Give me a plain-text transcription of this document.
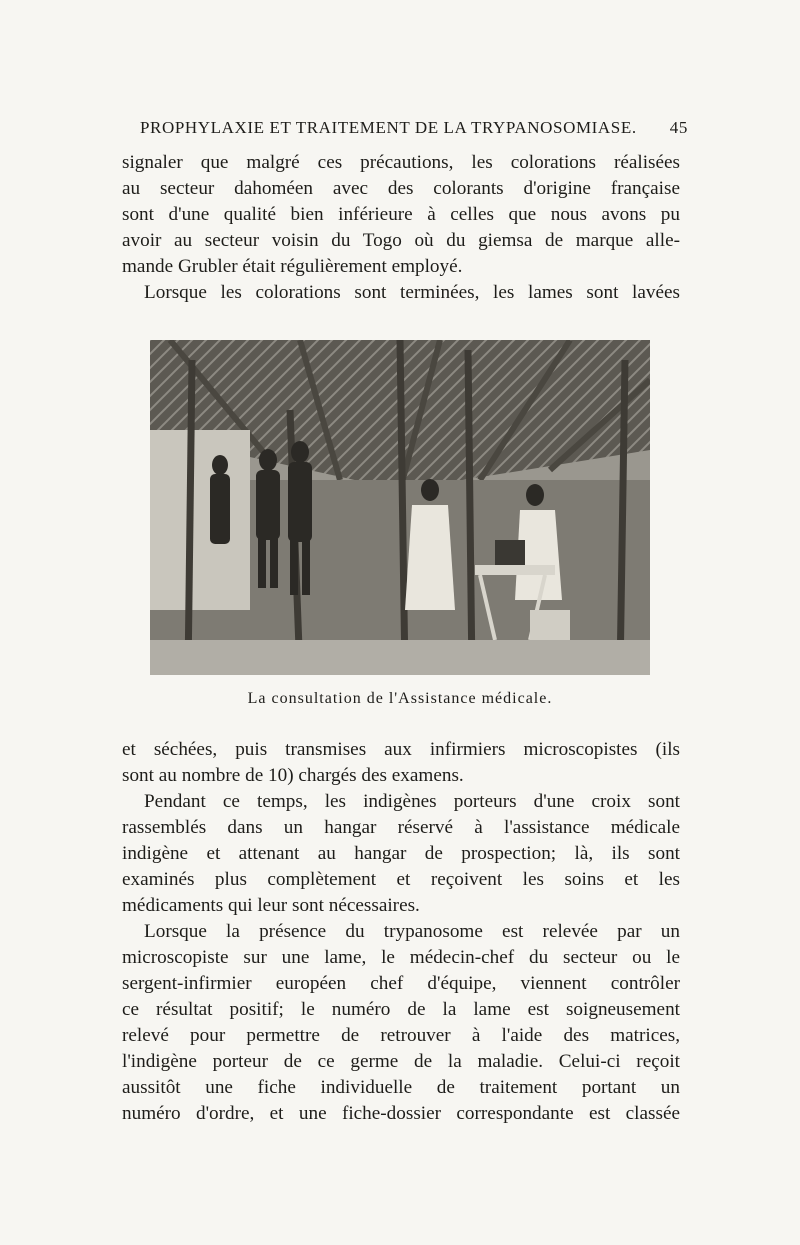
PROPHYLAXIE ET TRAITEMENT DE LA TRYPANOSOMIASE. 45
signaler que malgré ces précautions, les colorations réalisées
au secteur dahoméen avec des colorants d'origine française
sont d'une qualité bien inférieure à celles que nous avons pu
avoir au secteur voisin du Togo où du giemsa de marque alle-
mande Grubler était régulièrement employé.
Lorsque les colorations sont terminées, les lames sont lavées
La consultation de l'Assistance médicale.
et séchées, puis transmises aux infirmiers microscopistes (ils
sont au nombre de 10) chargés des examens.
Pendant ce temps, les indigènes porteurs d'une croix sont
rassemblés dans un hangar réservé à l'assistance médicale
indigène et attenant au hangar de prospection; là, ils sont
examinés plus complètement et reçoivent les soins et les
médicaments qui leur sont nécessaires.
Lorsque la présence du trypanosome est relevée par un
microscopiste sur une lame, le médecin-chef du secteur ou le
sergent-infirmier européen chef d'équipe, viennent contrôler
ce résultat positif; le numéro de la lame est soigneusement
relevé pour permettre de retrouver à l'aide des matrices,
l'indigène porteur de ce germe de la maladie. Celui-ci reçoit
aussitôt une fiche individuelle de traitement portant un
numéro d'ordre, et une fiche-dossier correspondante est classée
